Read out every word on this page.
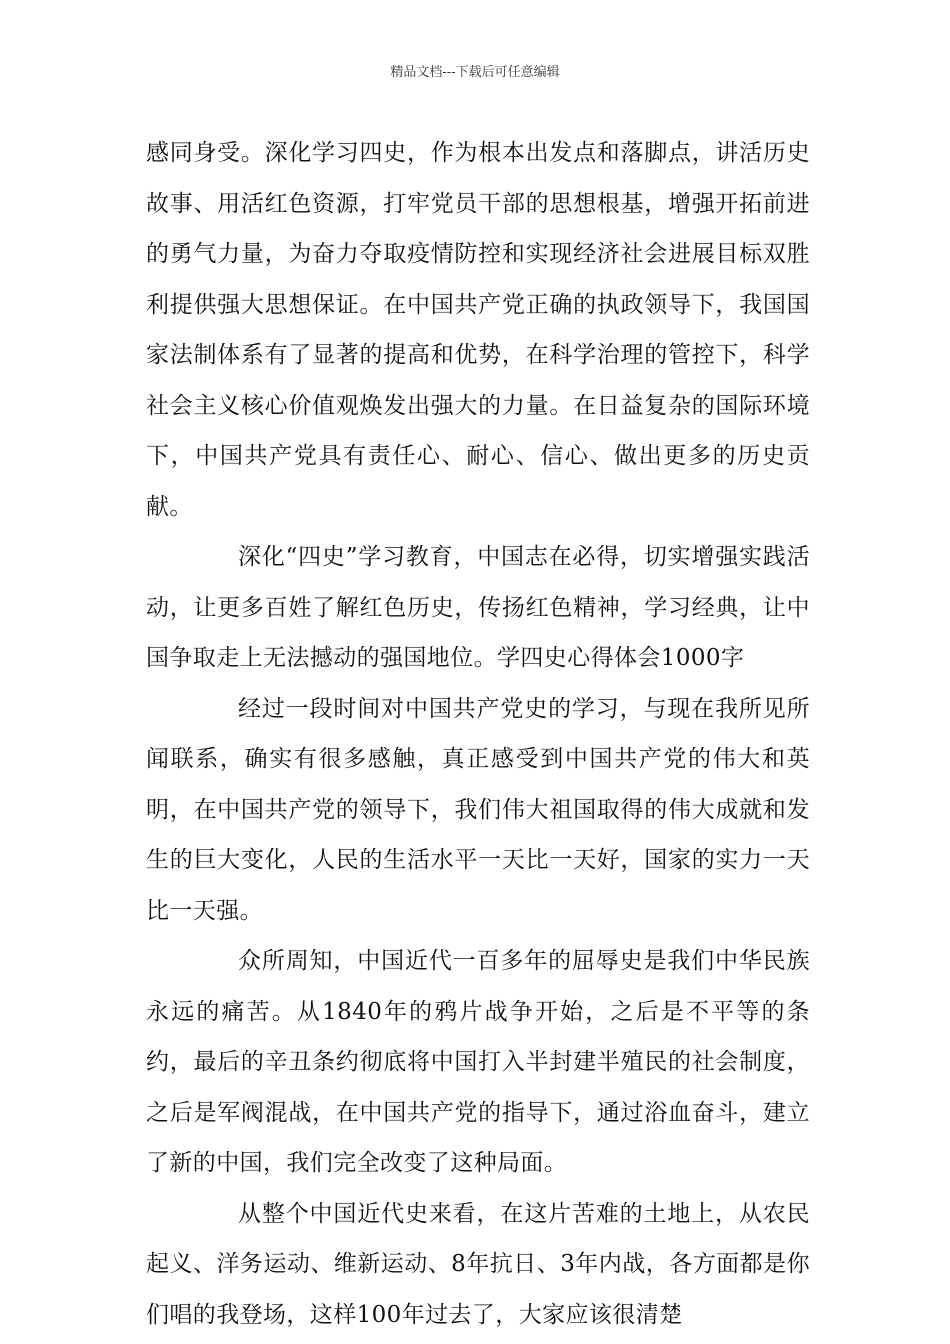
精品文档---下载后可任意编辑

感同身受。深化学习四史，作为根本出发点和落脚点，讲活历史故事、用活红色资源，打牢党员干部的思想根基，增强开拓前进的勇气力量，为奋力夺取疫情防控和实现经济社会进展目标双胜利提供强大思想保证。在中国共产党正确的执政领导下，我国国家法制体系有了显著的提高和优势，在科学治理的管控下，科学社会主义核心价值观焕发出强大的力量。在日益复杂的国际环境下，中国共产党具有责任心、耐心、信心、做出更多的历史贡献。

深化“四史”学习教育，中国志在必得，切实增强实践活动，让更多百姓了解红色历史，传扬红色精神，学习经典，让中国争取走上无法撼动的强国地位。学四史心得体会1000字

经过一段时间对中国共产党史的学习，与现在我所见所闻联系，确实有很多感触，真正感受到中国共产党的伟大和英明，在中国共产党的领导下，我们伟大祖国取得的伟大成就和发生的巨大变化，人民的生活水平一天比一天好，国家的实力一天比一天强。

众所周知，中国近代一百多年的屈辱史是我们中华民族永远的痛苦。从1840年的鸦片战争开始，之后是不平等的条约，最后的辛丑条约彻底将中国打入半封建半殖民的社会制度，之后是军阀混战，在中国共产党的指导下，通过浴血奋斗，建立了新的中国，我们完全改变了这种局面。

从整个中国近代史来看，在这片苦难的土地上，从农民起义、洋务运动、维新运动、8年抗日、3年内战，各方面都是你们唱的我登场，这样100年过去了，大家应该很清楚
